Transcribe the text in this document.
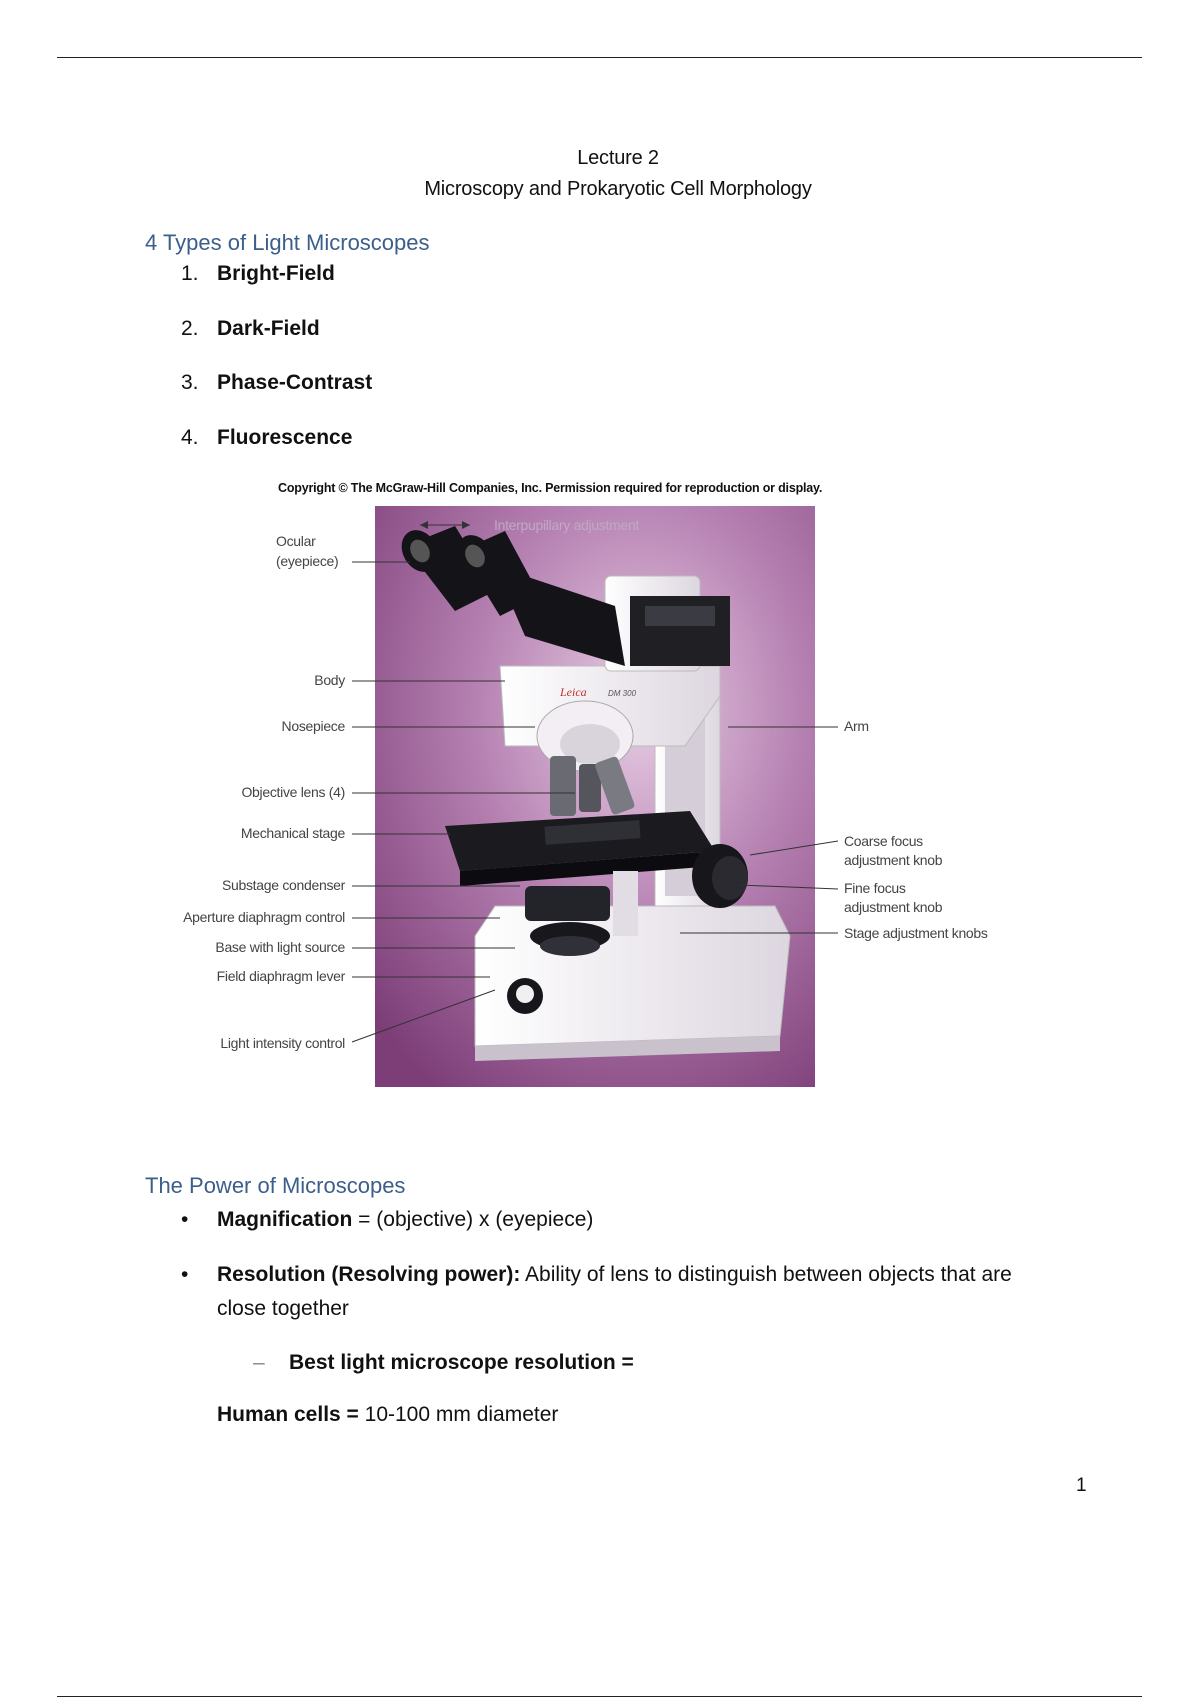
Lecture 2
Microscopy and Prokaryotic Cell Morphology
4 Types of Light Microscopes
1. Bright-Field
2. Dark-Field
3. Phase-Contrast
4. Fluorescence
Copyright © The McGraw-Hill Companies, Inc. Permission required for reproduction or display.
Leica	DM 300
Interpupillary adjustment
Ocular
(eyepiece)
Body
Nosepiece
Objective lens (4)
Mechanical stage
Substage condenser
Aperture diaphragm control
Base with light source
Field diaphragm lever
Light intensity control
Arm
Coarse focus
adjustment knob
Fine focus
adjustment knob
Stage adjustment knobs
The Power of Microscopes
•	Magnification = (objective) x (eyepiece)
•	Resolution (Resolving power): Ability of lens to distinguish between objects that are
close together
–	Best light microscope resolution =
Human cells = 10-100 mm diameter
1
